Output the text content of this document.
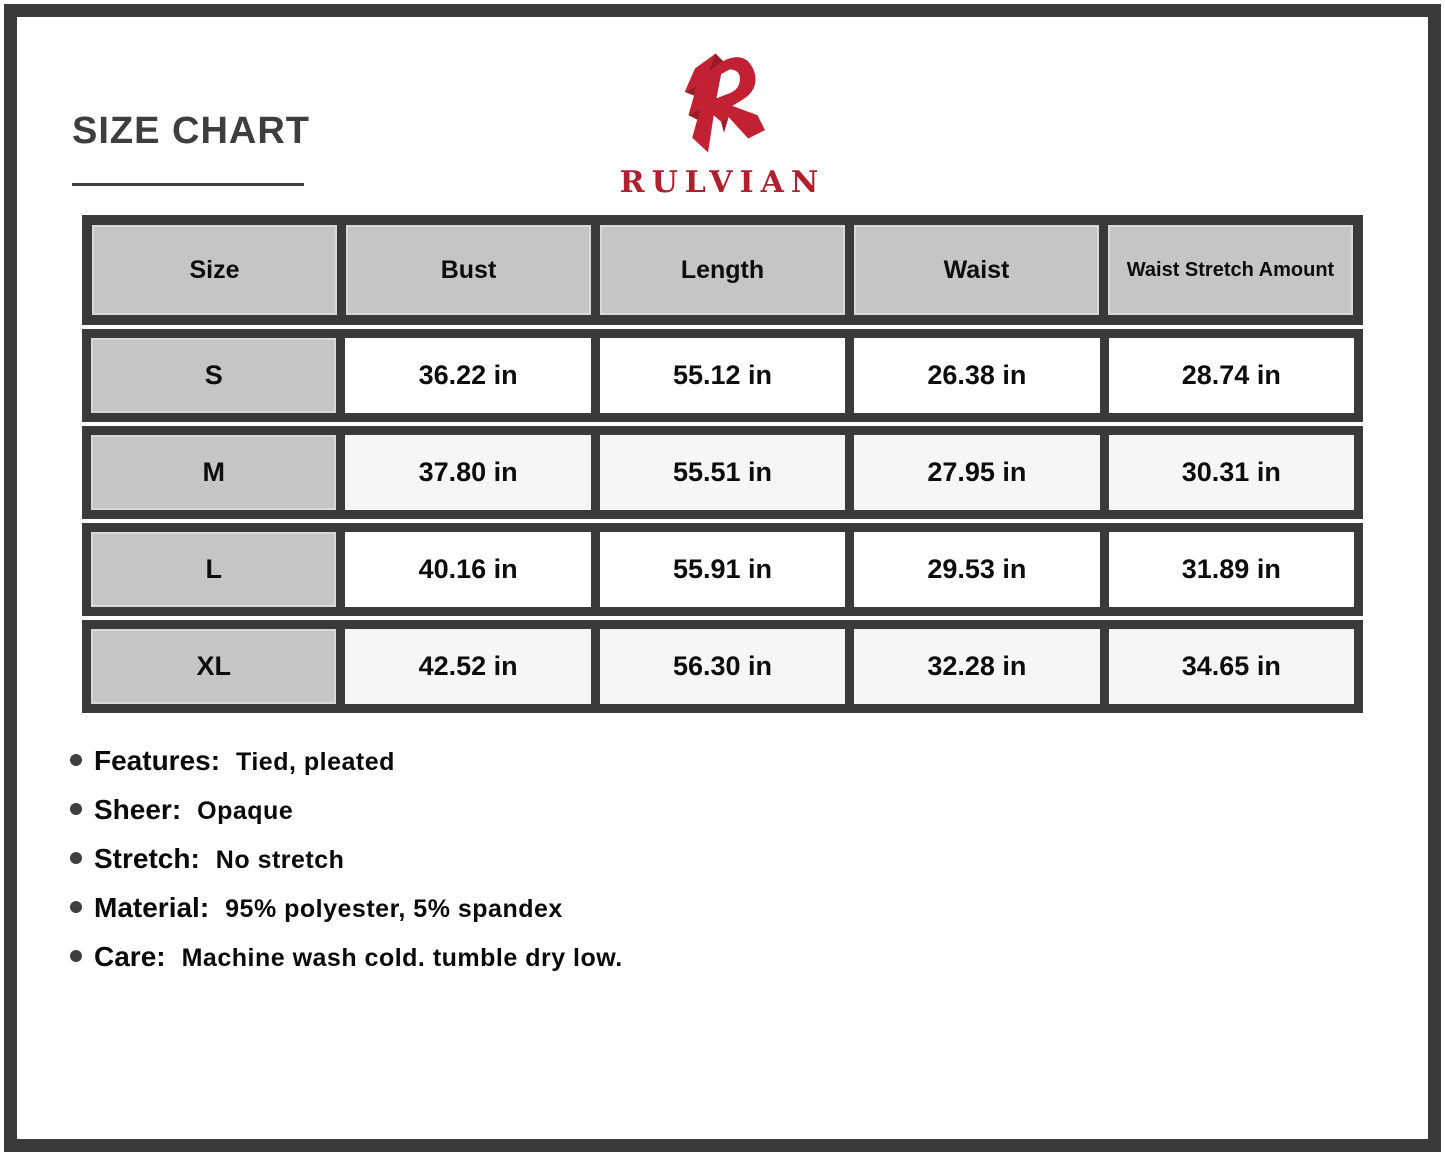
SIZE CHART
RULVIAN
Size	Bust	Length	Waist	Waist Stretch Amount
S	36.22 in	55.12 in	26.38 in	28.74 in
M	37.80 in	55.51 in	27.95 in	30.31 in
L	40.16 in	55.91 in	29.53 in	31.89 in
XL	42.52 in	56.30 in	32.28 in	34.65 in
Features: Tied, pleated
Sheer: Opaque
Stretch: No stretch
Material: 95% polyester, 5% spandex
Care: Machine wash cold. tumble dry low.
